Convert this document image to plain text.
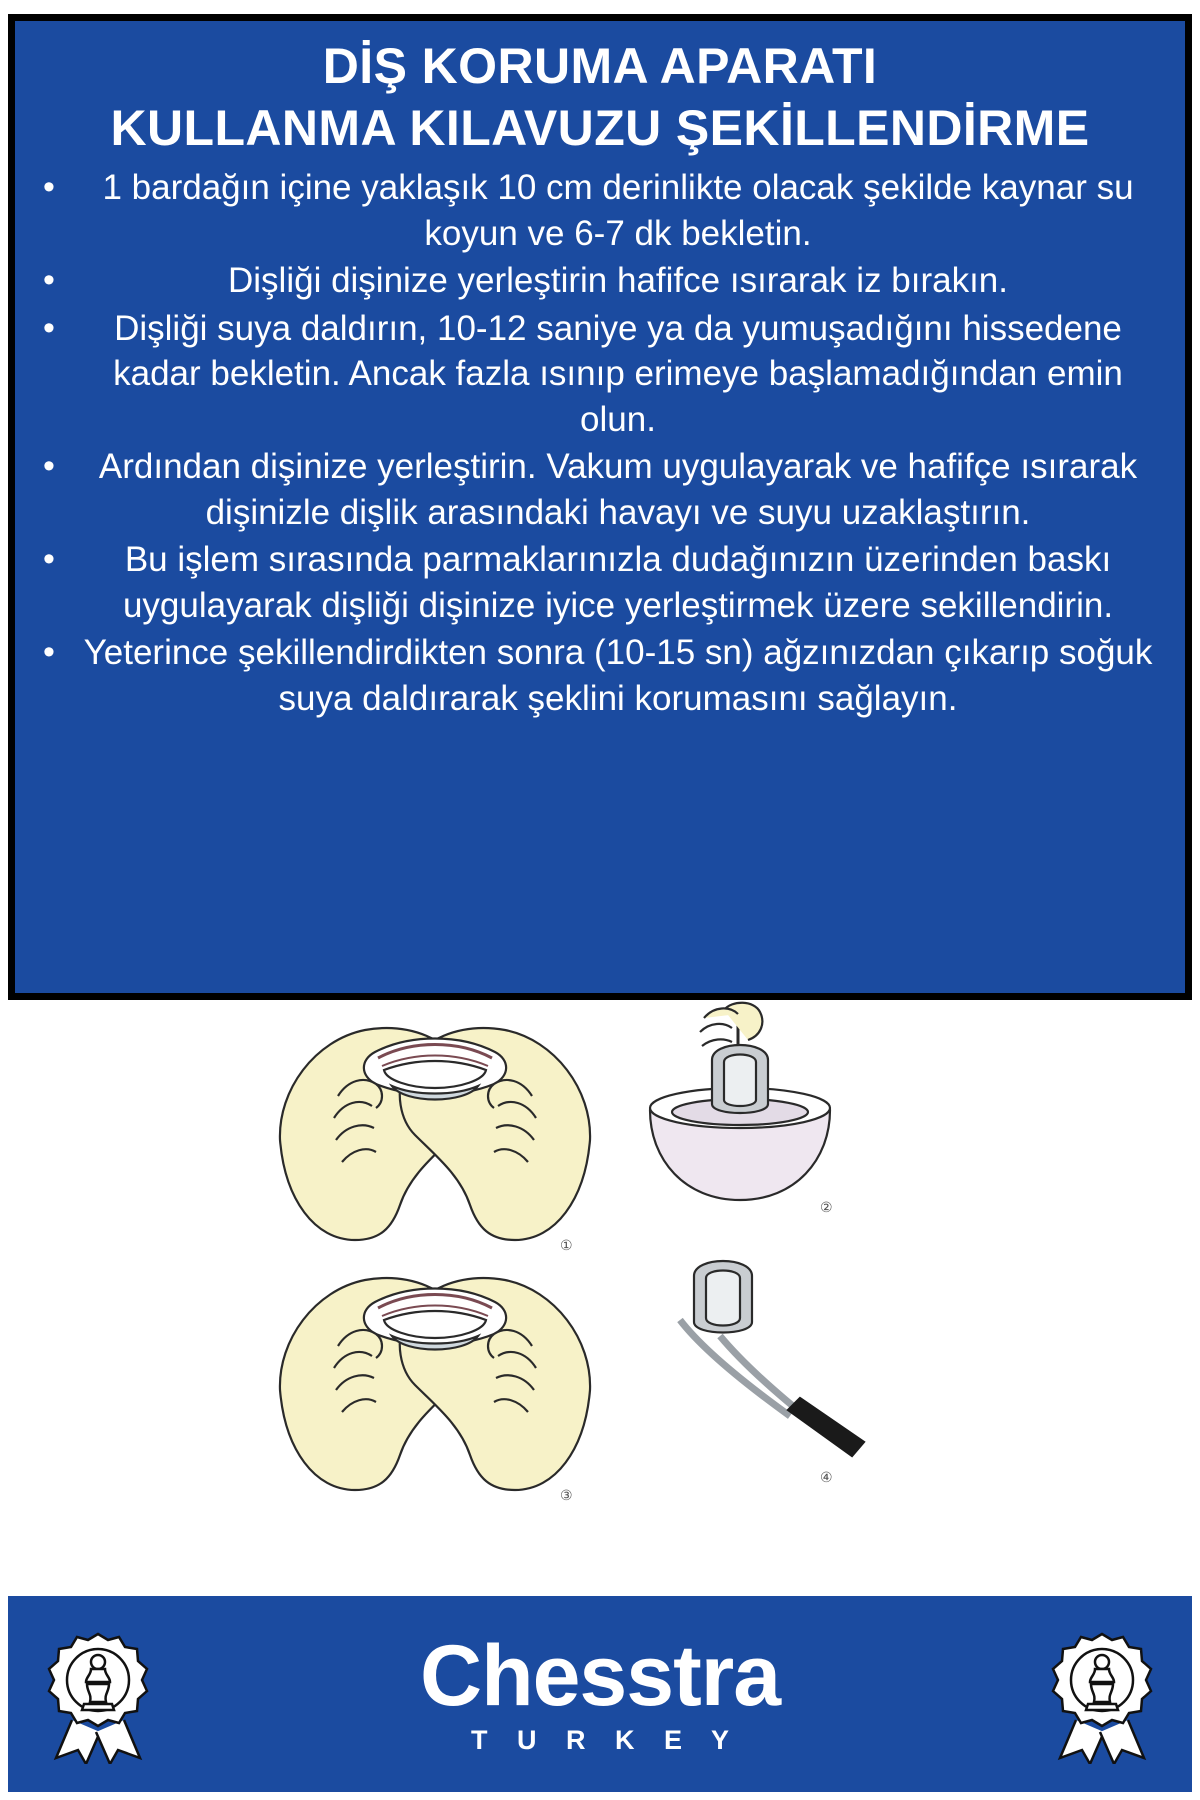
DİŞ KORUMA APARATI
KULLANMA KILAVUZU ŞEKİLLENDİRME
• 1 bardağın içine yaklaşık 10 cm derinlikte olacak şekilde kaynar su koyun ve 6-7 dk bekletin.
•	Dişliği dişinize yerleştirin hafifce ısırarak iz bırakın.
• Dişliği suya daldırın, 10-12 saniye ya da yumuşadığını hissedene kadar bekletin. Ancak fazla ısınıp erimeye başlamadığından emin olun.
• Ardından dişinize yerleştirin. Vakum uygulayarak ve hafifçe ısırarak dişinizle dişlik arasındaki havayı ve suyu uzaklaştırın.
• Bu işlem sırasında parmaklarınızla dudağınızın üzerinden baskı uygulayarak dişliği dişinize iyice yerleştirmek üzere sekillendirin.
• Yeterince şekillendirdikten sonra (10-15 sn) ağzınızdan çıkarıp soğuk suya daldırarak şeklini korumasını sağlayın.
①
②
③
④
Chesstra
T U R K E Y
